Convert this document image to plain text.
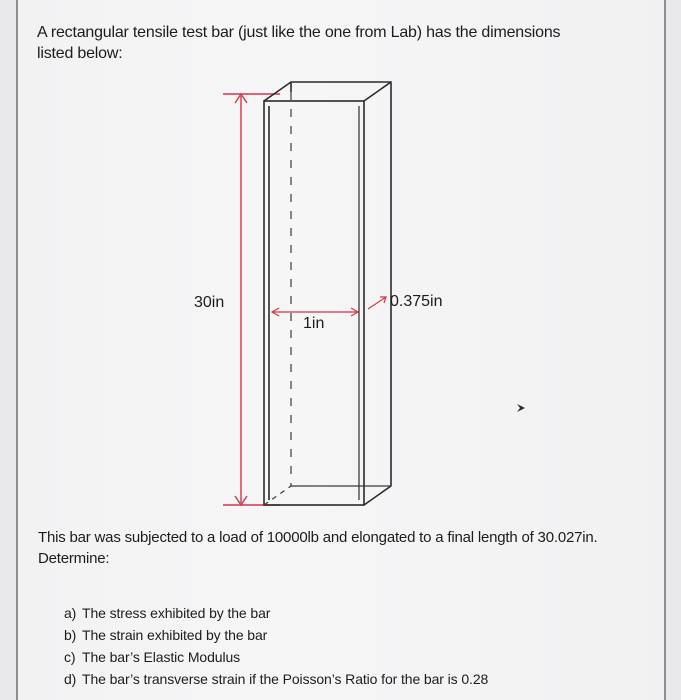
A rectangular tensile test bar (just like the one from Lab) has the dimensions listed below:

30in
1in
0.375in

This bar was subjected to a load of 10000lb and elongated to a final length of 30.027in. Determine:

a) The stress exhibited by the bar
b) The strain exhibited by the bar
c) The bar’s Elastic Modulus
d) The bar’s transverse strain if the Poisson’s Ratio for the bar is 0.28
